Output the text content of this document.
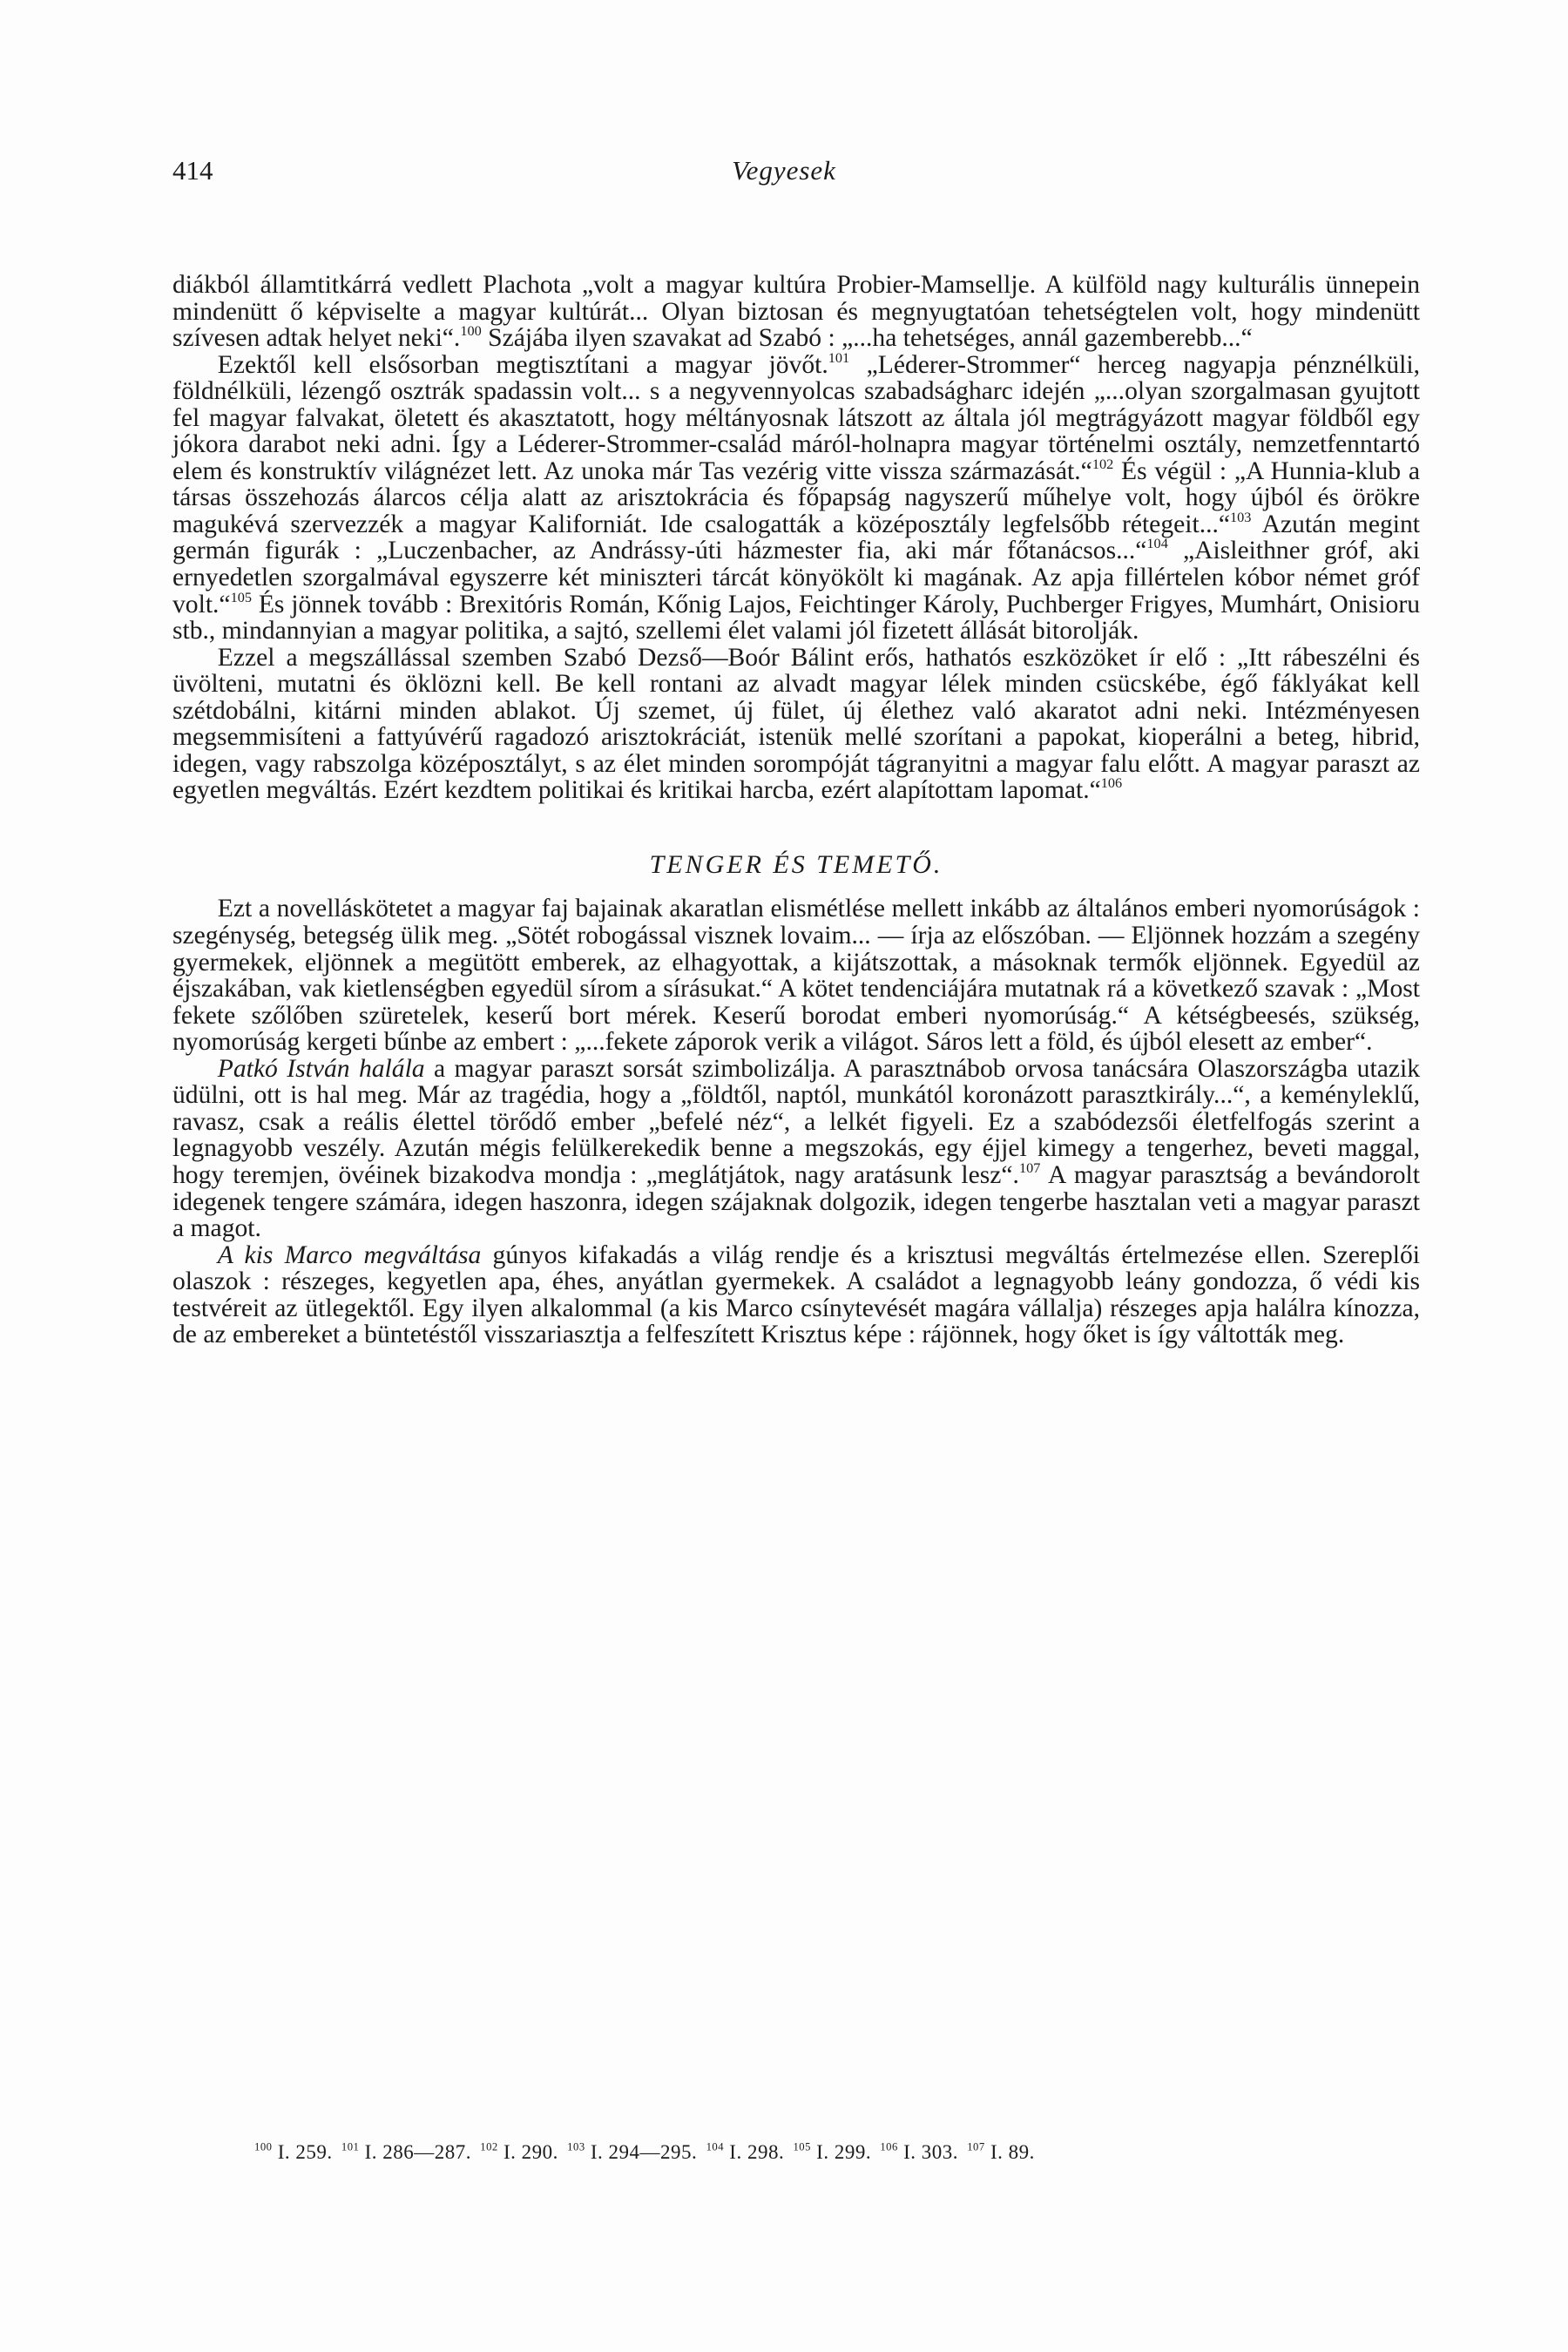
414	Vegyesek

diákból államtitkárrá vedlett Plachota „volt a magyar kultúra Probier-Mamsellje. A külföld nagy kulturális ünnepein mindenütt ő képviselte a magyar kultúrát... Olyan biztosan és megnyugtatóan tehetségtelen volt, hogy mindenütt szívesen adtak helyet neki“.$^{100}$ Szájába ilyen szavakat ad Szabó : „...ha tehetséges, annál gazemberebb...“

Ezektől kell elsősorban megtisztítani a magyar jövőt.$^{101}$ „Léderer-Strommer“ herceg nagyapja pénznélküli, földnélküli, lézengő osztrák spadassin volt... s a negyvennyolcas szabadságharc idején „...olyan szorgalmasan gyujtott fel magyar falvakat, öletett és akasztatott, hogy méltányosnak látszott az általa jól megtrágyázott magyar földből egy jókora darabot neki adni. Így a Léderer-Strommer-család máról-holnapra magyar történelmi osztály, nemzetfenntartó elem és konstruktív világnézet lett. Az unoka már Tas vezérig vitte vissza származását.“$^{102}$ És végül : „A Hunnia-klub a társas összehozás álarcos célja alatt az arisztokrácia és főpapság nagyszerű műhelye volt, hogy újból és örökre magukévá szervezzék a magyar Kaliforniát. Ide csalogatták a középosztály legfelsőbb rétegeit...“$^{103}$ Azután megint germán figurák : „Luczenbacher, az Andrássy-úti házmester fia, aki már főtanácsos...“$^{104}$ „Aisleithner gróf, aki ernyedetlen szorgalmával egyszerre két miniszteri tárcát könyökölt ki magának. Az apja fillértelen kóbor német gróf volt.“$^{105}$ És jönnek tovább : Brexitóris Román, Kőnig Lajos, Feichtinger Károly, Puchberger Frigyes, Mumhárt, Onisioru stb., mindannyian a magyar politika, a sajtó, szellemi élet valami jól fizetett állását bitorolják.

Ezzel a megszállással szemben Szabó Dezső—Boór Bálint erős, hathatós eszközöket ír elő : „Itt rábeszélni és üvölteni, mutatni és öklözni kell. Be kell rontani az alvadt magyar lélek minden csücskébe, égő fáklyákat kell szétdobálni, kitárni minden ablakot. Új szemet, új fület, új élethez való akaratot adni neki. Intézményesen megsemmisíteni a fattyúvérű ragadozó arisztokráciát, istenük mellé szorítani a papokat, kioperálni a beteg, hibrid, idegen, vagy rabszolga középosztályt, s az élet minden sorompóját tágranyitni a magyar falu előtt. A magyar paraszt az egyetlen megváltás. Ezért kezdtem politikai és kritikai harcba, ezért alapítottam lapomat.“$^{106}$

TENGER ÉS TEMETŐ.

Ezt a novelláskötetet a magyar faj bajainak akaratlan elismétlése mellett inkább az általános emberi nyomorúságok : szegénység, betegség ülik meg. „Sötét robogással visznek lovaim... — írja az előszóban. — Eljönnek hozzám a szegény gyermekek, eljönnek a megütött emberek, az elhagyottak, a kijátszottak, a másoknak termők eljönnek. Egyedül az éjszakában, vak kietlenségben egyedül sírom a sírásukat.“ A kötet tendenciájára mutatnak rá a következő szavak : „Most fekete szőlőben szüretelek, keserű bort mérek. Keserű borodat emberi nyomorúság.“ A kétségbeesés, szükség, nyomorúság kergeti bűnbe az embert : „...fekete záporok verik a világot. Sáros lett a föld, és újból elesett az ember“.

Patkó István halála a magyar paraszt sorsát szimbolizálja. A parasztnábob orvosa tanácsára Olaszországba utazik üdülni, ott is hal meg. Már az tragédia, hogy a „földtől, naptól, munkától koronázott parasztkirály...“, a keményleklű, ravasz, csak a reális élettel törődő ember „befelé néz“, a lelkét figyeli. Ez a szabódezsői életfelfogás szerint a legnagyobb veszély. Azután mégis felülkerekedik benne a megszokás, egy éjjel kimegy a tengerhez, beveti maggal, hogy teremjen, övéinek bizakodva mondja : „meglátjátok, nagy aratásunk lesz“.$^{107}$ A magyar parasztság a bevándorolt idegenek tengere számára, idegen haszonra, idegen szájaknak dolgozik, idegen tengerbe hasztalan veti a magyar paraszt a magot.

A kis Marco megváltása gúnyos kifakadás a világ rendje és a krisztusi megváltás értelmezése ellen. Szereplői olaszok : részeges, kegyetlen apa, éhes, anyátlan gyermekek. A családot a legnagyobb leány gondozza, ő védi kis testvéreit az ütlegektől. Egy ilyen alkalommal (a kis Marco csínytevését magára vállalja) részeges apja halálra kínozza, de az embereket a büntetéstől visszariasztja a felfeszített Krisztus képe : rájönnek, hogy őket is így váltották meg.

$^{100}$ I. 259. $^{101}$ I. 286—287. $^{102}$ I. 290. $^{103}$ I. 294—295. $^{104}$ I. 298. $^{105}$ I. 299. $^{106}$ I. 303. $^{107}$ I. 89.
